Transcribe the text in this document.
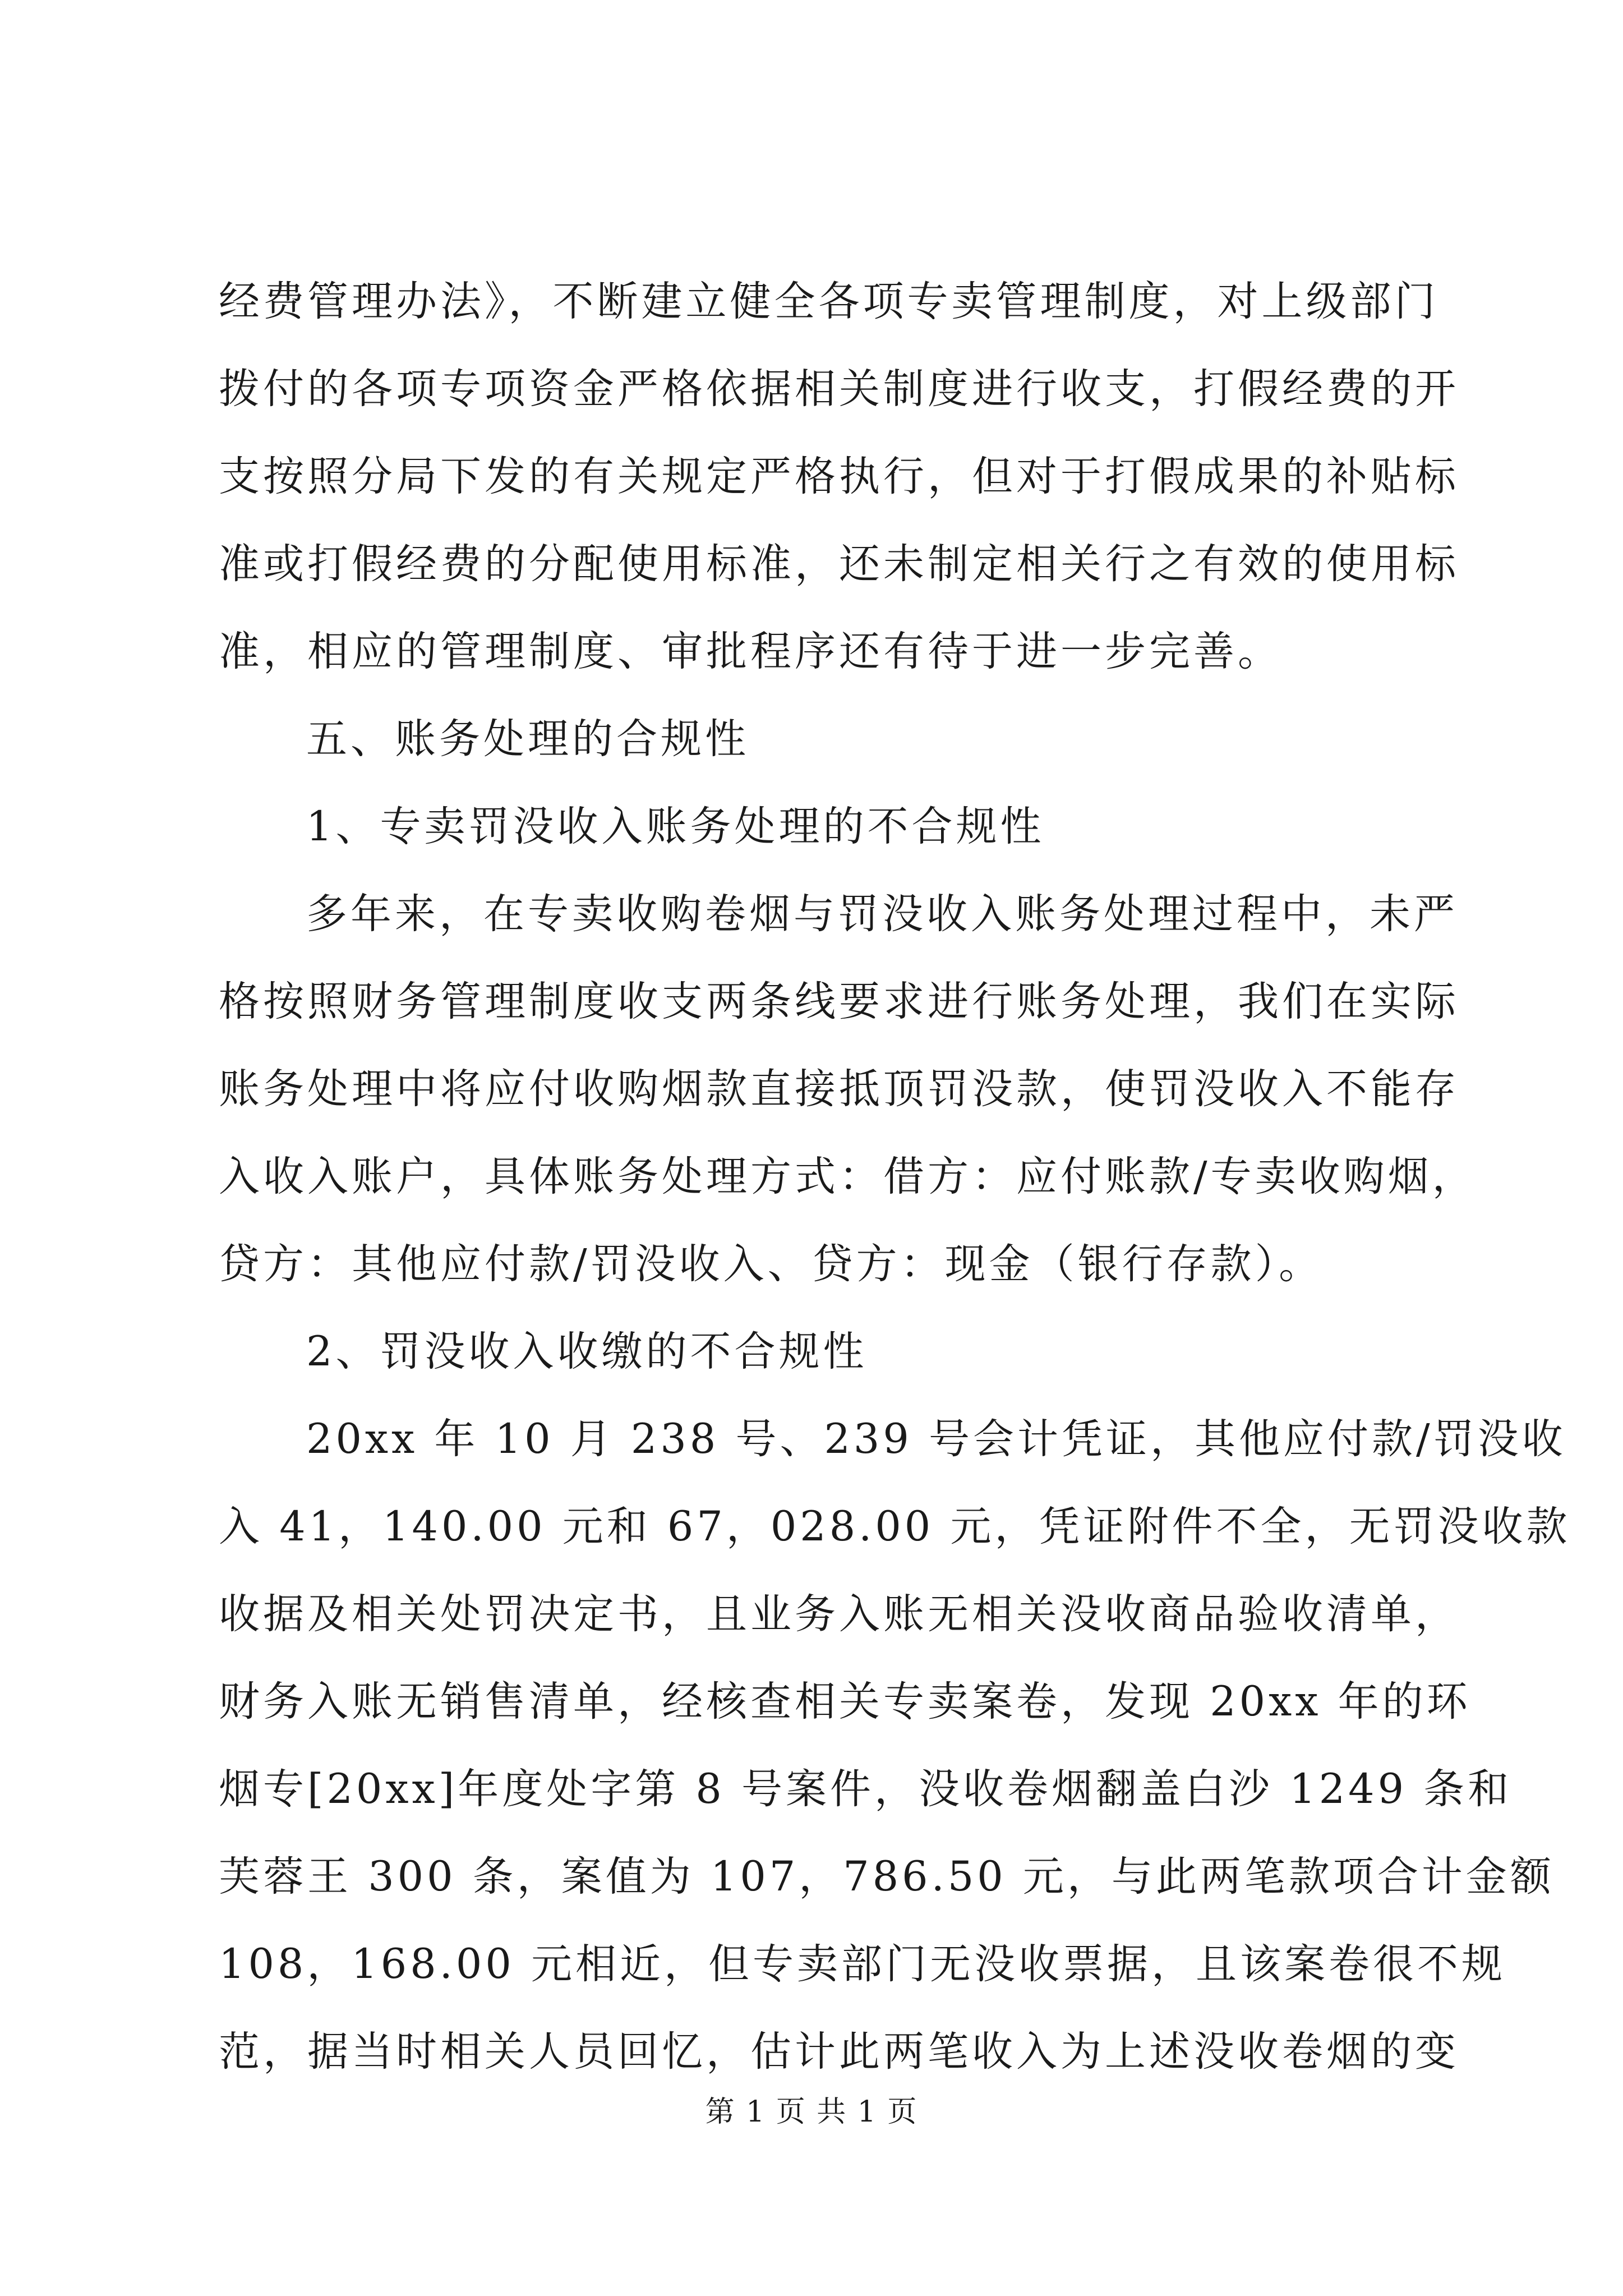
经费管理办法》，不断建立健全各项专卖管理制度，对上级部门
拨付的各项专项资金严格依据相关制度进行收支，打假经费的开
支按照分局下发的有关规定严格执行，但对于打假成果的补贴标
准或打假经费的分配使用标准，还未制定相关行之有效的使用标
准，相应的管理制度、审批程序还有待于进一步完善。
五、账务处理的合规性
1、专卖罚没收入账务处理的不合规性
多年来，在专卖收购卷烟与罚没收入账务处理过程中，未严
格按照财务管理制度收支两条线要求进行账务处理，我们在实际
账务处理中将应付收购烟款直接抵顶罚没款，使罚没收入不能存
入收入账户，具体账务处理方式：借方：应付账款/专卖收购烟，
贷方：其他应付款/罚没收入、贷方：现金（银行存款）。
2、罚没收入收缴的不合规性
20xx 年 10 月 238 号、239 号会计凭证，其他应付款/罚没收
入 41，140.00 元和 67，028.00 元，凭证附件不全，无罚没收款
收据及相关处罚决定书，且业务入账无相关没收商品验收清单，
财务入账无销售清单，经核查相关专卖案卷，发现 20xx 年的环
烟专[20xx]年度处字第 8 号案件，没收卷烟翻盖白沙 1249 条和
芙蓉王 300 条，案值为 107，786.50 元，与此两笔款项合计金额
108，168.00 元相近，但专卖部门无没收票据，且该案卷很不规
范，据当时相关人员回忆，估计此两笔收入为上述没收卷烟的变
第 1 页 共 1 页
